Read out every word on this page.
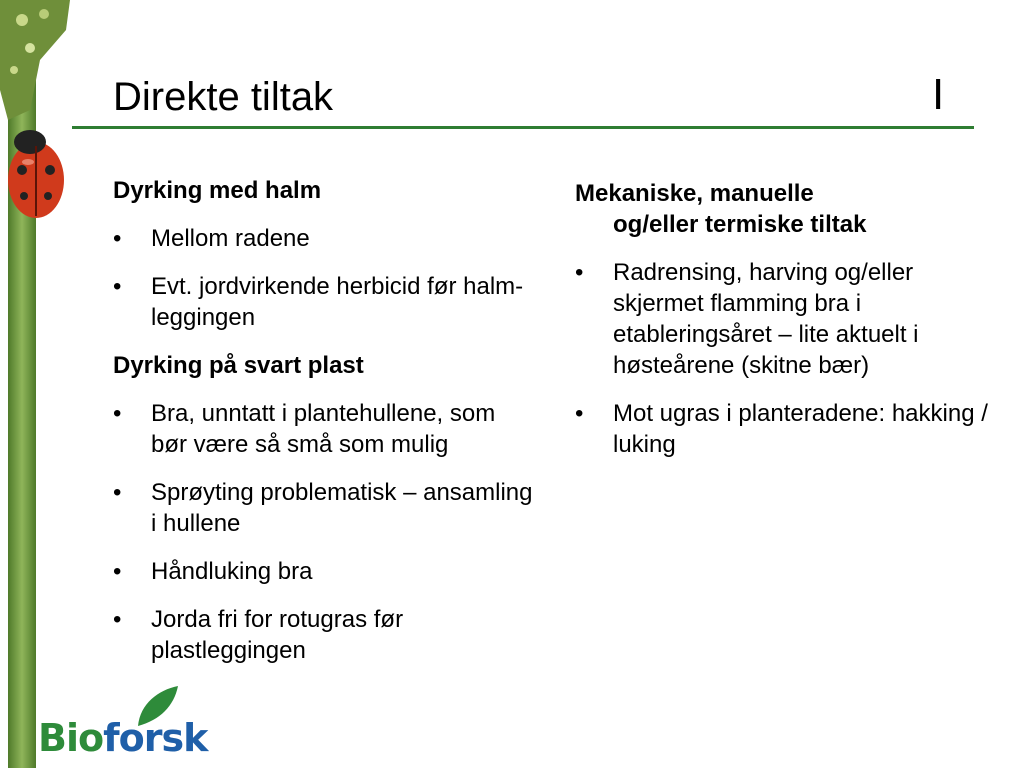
Direkte tiltak	I
Dyrking med halm
• Mellom radene
• Evt. jordvirkende herbicid før halm-leggingen
Dyrking på svart plast
• Bra, unntatt i plantehullene, som bør være så små som mulig
• Sprøyting problematisk – ansamling i hullene
• Håndluking bra
• Jorda fri for rotugras før plastleggingen
Mekaniske, manuelle
og/eller termiske tiltak
• Radrensing, harving og/eller skjermet flamming bra i etableringsåret – lite aktuelt i høsteårene (skitne bær)
• Mot ugras i planteradene: hakking / luking
Bioforsk
